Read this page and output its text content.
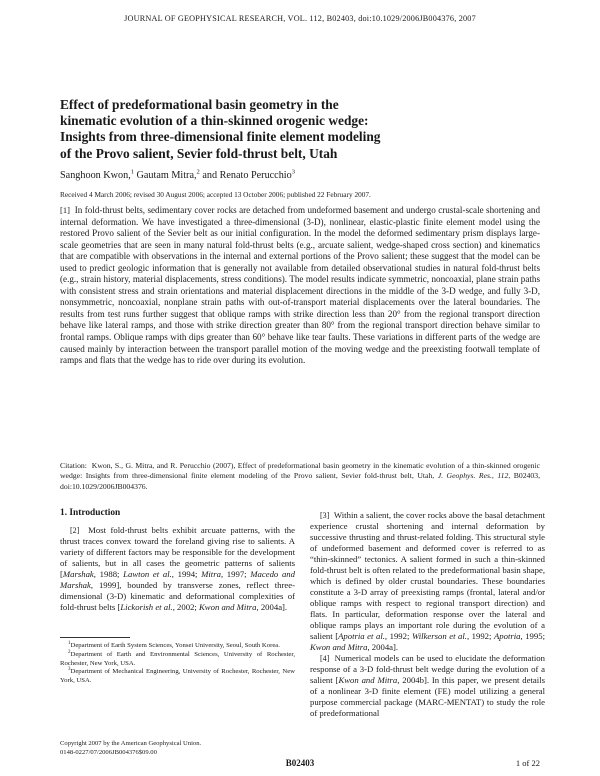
JOURNAL OF GEOPHYSICAL RESEARCH, VOL. 112, B02403, doi:10.1029/2006JB004376, 2007
Effect of predeformational basin geometry in the
kinematic evolution of a thin-skinned orogenic wedge:
Insights from three-dimensional finite element modeling
of the Provo salient, Sevier fold-thrust belt, Utah
Sanghoon Kwon,$^1$ Gautam Mitra,$^2$ and Renato Perucchio$^3$
Received 4 March 2006; revised 30 August 2006; accepted 13 October 2006; published 22 February 2007.
[1] In fold-thrust belts, sedimentary cover rocks are detached from undeformed basement and undergo crustal-scale shortening and internal deformation. We have investigated a three-dimensional (3-D), nonlinear, elastic-plastic finite element model using the restored Provo salient of the Sevier belt as our initial configuration. In the model the deformed sedimentary prism displays large-scale geometries that are seen in many natural fold-thrust belts (e.g., arcuate salient, wedge-shaped cross section) and kinematics that are compatible with observations in the internal and external portions of the Provo salient; these suggest that the model can be used to predict geologic information that is generally not available from detailed observational studies in natural fold-thrust belts (e.g., strain history, material displacements, stress conditions). The model results indicate symmetric, noncoaxial, plane strain paths with consistent stress and strain orientations and material displacement directions in the middle of the 3-D wedge, and fully 3-D, nonsymmetric, noncoaxial, nonplane strain paths with out-of-transport material displacements over the lateral boundaries. The results from test runs further suggest that oblique ramps with strike direction less than 20° from the regional transport direction behave like lateral ramps, and those with strike direction greater than 80° from the regional transport direction behave similar to frontal ramps. Oblique ramps with dips greater than 60° behave like tear faults. These variations in different parts of the wedge are caused mainly by interaction between the transport parallel motion of the moving wedge and the preexisting footwall template of ramps and flats that the wedge has to ride over during its evolution.
Citation: Kwon, S., G. Mitra, and R. Perucchio (2007), Effect of predeformational basin geometry in the kinematic evolution of a thin-skinned orogenic wedge: Insights from three-dimensional finite element modeling of the Provo salient, Sevier fold-thrust belt, Utah, J. Geophys. Res., 112, B02403, doi:10.1029/2006JB004376.
1. Introduction

[2] Most fold-thrust belts exhibit arcuate patterns, with the thrust traces convex toward the foreland giving rise to salients. A variety of different factors may be responsible for the development of salients, but in all cases the geometric patterns of salients [Marshak, 1988; Lawton et al., 1994; Mitra, 1997; Macedo and Marshak, 1999], bounded by transverse zones, reflect three-dimensional (3-D) kinematic and deformational complexities of fold-thrust belts [Lickorish et al., 2002; Kwon and Mitra, 2004a].

$^1$Department of Earth System Sciences, Yonsei University, Seoul, South Korea.
$^2$Department of Earth and Environmental Sciences, University of Rochester, Rochester, New York, USA.
$^3$Department of Mechanical Engineering, University of Rochester, Rochester, New York, USA.
Copyright 2007 by the American Geophysical Union.
0148-0227/07/2006JB004376$09.00

[3] Within a salient, the cover rocks above the basal detachment experience crustal shortening and internal deformation by successive thrusting and thrust-related folding. This structural style of undeformed basement and deformed cover is referred to as “thin-skinned” tectonics. A salient formed in such a thin-skinned fold-thrust belt is often related to the predeformational basin shape, which is defined by older crustal boundaries. These boundaries constitute a 3-D array of preexisting ramps (frontal, lateral and/or oblique ramps with respect to regional transport direction) and flats. In particular, deformation response over the lateral and oblique ramps plays an important role during the evolution of a salient [Apotria et al., 1992; Wilkerson et al., 1992; Apotria, 1995; Kwon and Mitra, 2004a].

[4] Numerical models can be used to elucidate the deformation response of a 3-D fold-thrust belt wedge during the evolution of a salient [Kwon and Mitra, 2004b]. In this paper, we present details of a nonlinear 3-D finite element (FE) model utilizing a general purpose commercial package (MARC-MENTAT) to study the role of predeformational

B02403	1 of 22
